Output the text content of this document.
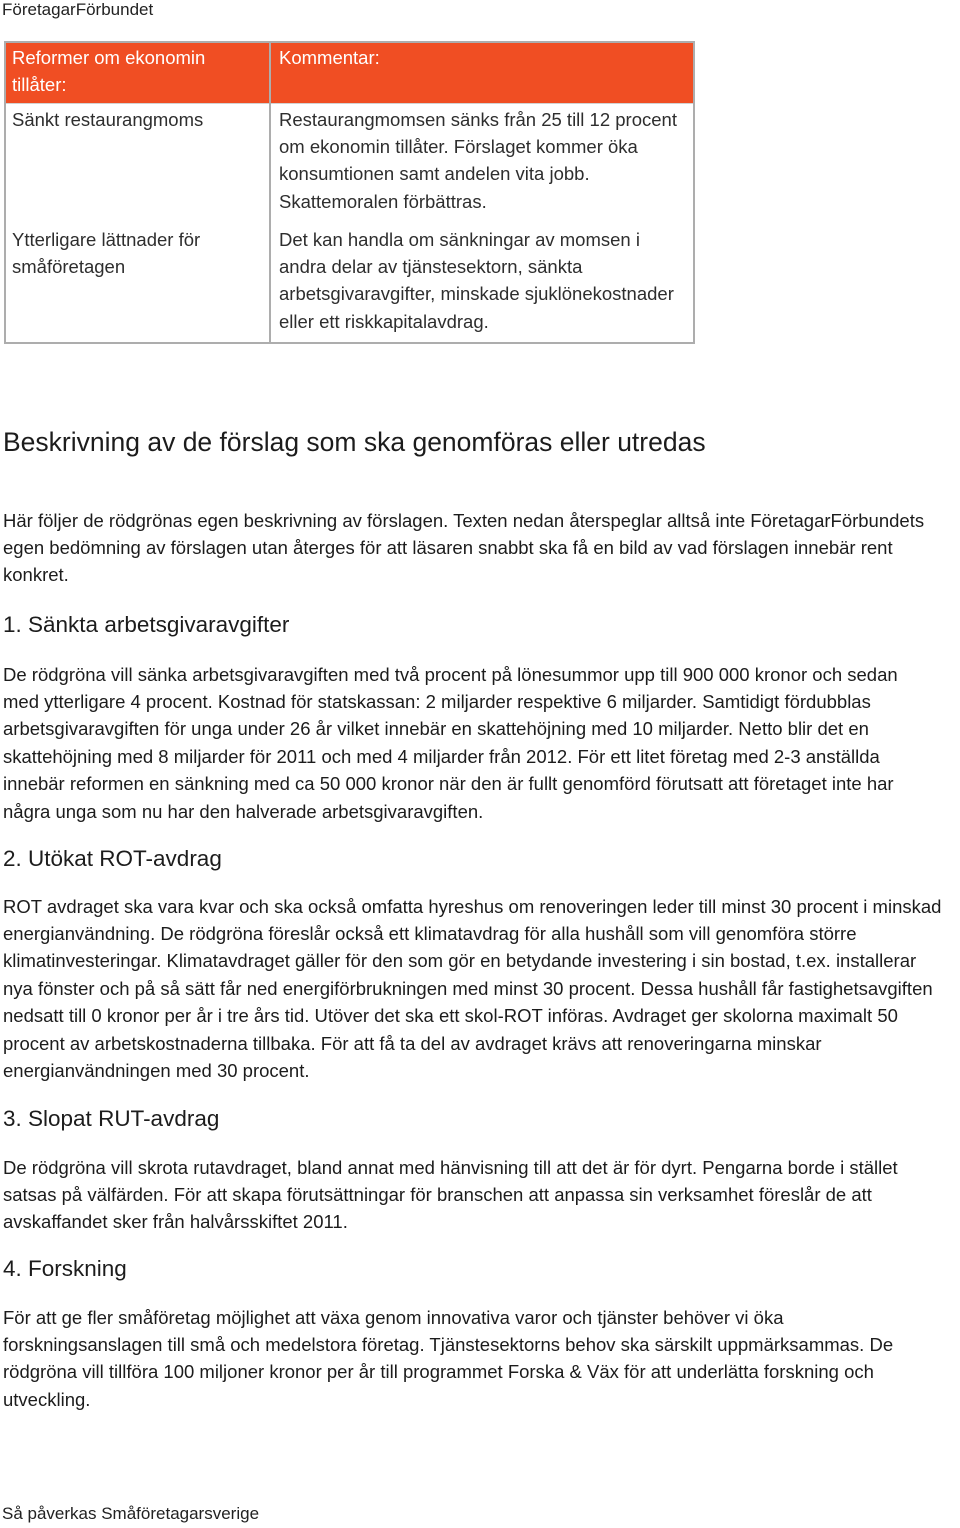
FöretagarFörbundet
Reformer om ekonomin
tillåter:
Kommentar:
Sänkt restaurangmoms	Restaurangmomsen sänks från 25 till 12 procent
om ekonomin tillåter. Förslaget kommer öka
konsumtionen samt andelen vita jobb.
Skattemoralen förbättras.
Ytterligare lättnader för
småföretagen
Det kan handla om sänkningar av momsen i
andra delar av tjänstesektorn, sänkta
arbetsgivaravgifter, minskade sjuklönekostnader
eller ett riskkapitalavdrag.
Beskrivning av de förslag som ska genomföras eller utredas
Här följer de rödgrönas egen beskrivning av förslagen. Texten nedan återspeglar alltså inte FöretagarFörbundets
egen bedömning av förslagen utan återges för att läsaren snabbt ska få en bild av vad förslagen innebär rent
konkret.
1. Sänkta arbetsgivaravgifter
De rödgröna vill sänka arbetsgivaravgiften med två procent på lönesummor upp till 900 000 kronor och sedan
med ytterligare 4 procent. Kostnad för statskassan: 2 miljarder respektive 6 miljarder. Samtidigt fördubblas
arbetsgivaravgiften för unga under 26 år vilket innebär en skattehöjning med 10 miljarder. Netto blir det en
skattehöjning med 8 miljarder för 2011 och med 4 miljarder från 2012. För ett litet företag med 2-3 anställda
innebär reformen en sänkning med ca 50 000 kronor när den är fullt genomförd förutsatt att företaget inte har
några unga som nu har den halverade arbetsgivaravgiften.
2. Utökat ROT-avdrag
ROT avdraget ska vara kvar och ska också omfatta hyreshus om renoveringen leder till minst 30 procent i minskad
energianvändning. De rödgröna föreslår också ett klimatavdrag för alla hushåll som vill genomföra större
klimatinvesteringar. Klimatavdraget gäller för den som gör en betydande investering i sin bostad, t.ex. installerar
nya fönster och på så sätt får ned energiförbrukningen med minst 30 procent. Dessa hushåll får fastighetsavgiften
nedsatt till 0 kronor per år i tre års tid. Utöver det ska ett skol-ROT införas. Avdraget ger skolorna maximalt 50
procent av arbetskostnaderna tillbaka. För att få ta del av avdraget krävs att renoveringarna minskar
energianvändningen med 30 procent.
3. Slopat RUT-avdrag
De rödgröna vill skrota rutavdraget, bland annat med hänvisning till att det är för dyrt. Pengarna borde i stället
satsas på välfärden. För att skapa förutsättningar för branschen att anpassa sin verksamhet föreslår de att
avskaffandet sker från halvårsskiftet 2011.
4. Forskning
För att ge fler småföretag möjlighet att växa genom innovativa varor och tjänster behöver vi öka
forskningsanslagen till små och medelstora företag. Tjänstesektorns behov ska särskilt uppmärksammas. De
rödgröna vill tillföra 100 miljoner kronor per år till programmet Forska & Väx för att underlätta forskning och
utveckling.
Så påverkas Småföretagarsverige
